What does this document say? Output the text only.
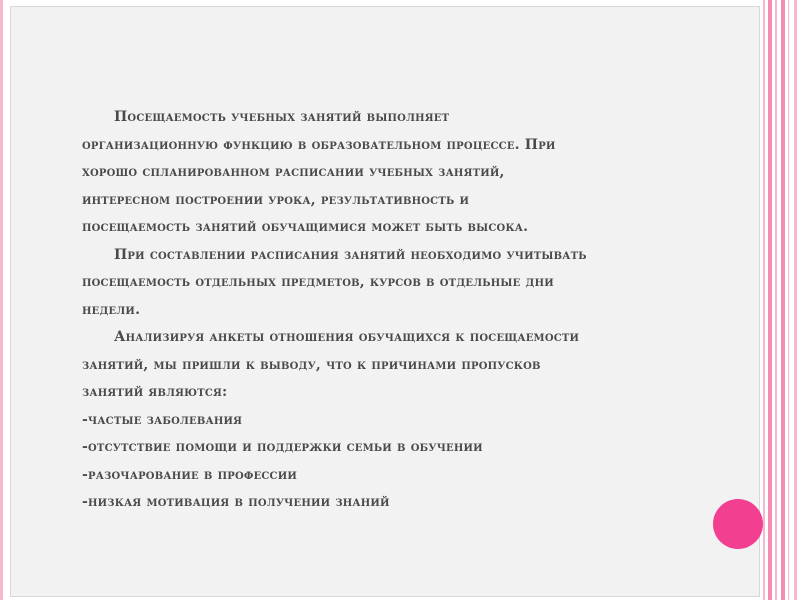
Посещаемость учебных занятий выполняет
организационную функцию в образовательном процессе. При
хорошо спланированном расписании учебных занятий,
интересном построении урока, результативность и
посещаемость занятий обучащимися может быть высока.

При составлении расписания занятий необходимо учитывать
посещаемость отдельных предметов, курсов в отдельные дни
недели.

Анализируя анкеты отношения обучащихся к посещаемости
занятий, мы пришли к выводу, что к причинами пропусков
занятий являются:

-частые заболевания
-отсутствие помощи и поддержки семьи в обучении
-разочарование в профессии
-низкая мотивация в получении знаний
